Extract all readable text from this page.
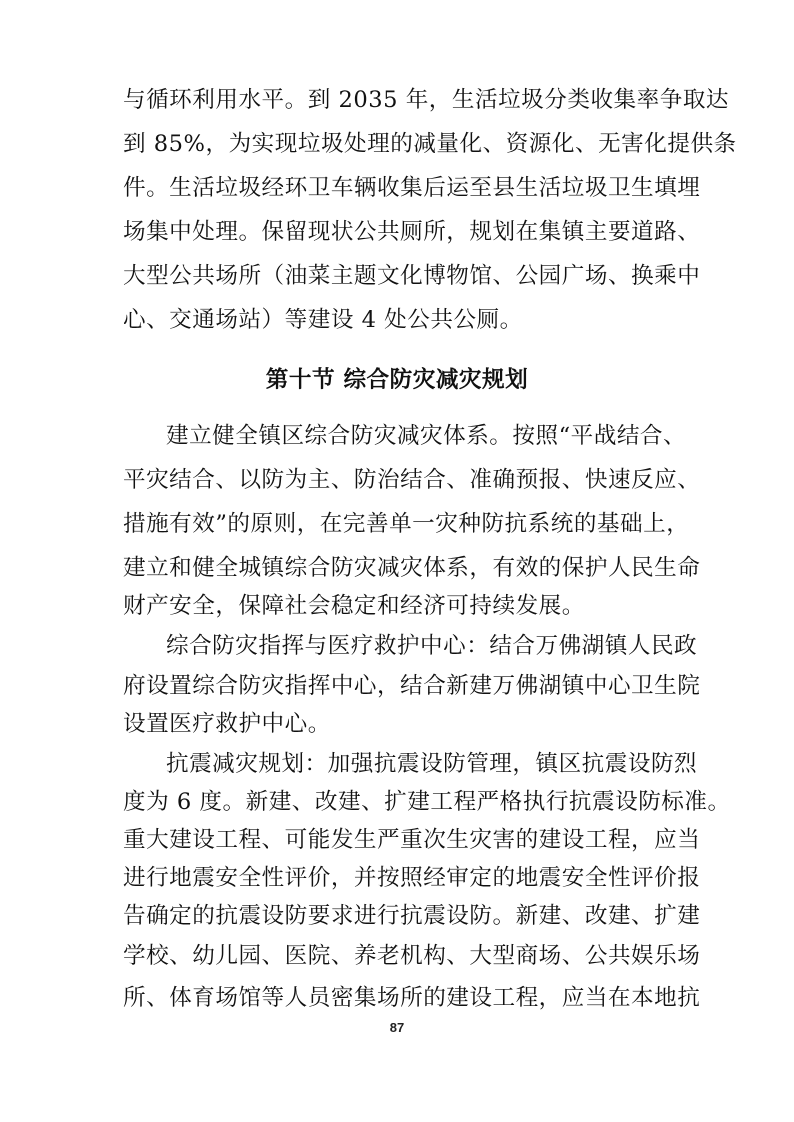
与循环利用水平。到 2035 年，生活垃圾分类收集率争取达
到 85%，为实现垃圾处理的减量化、资源化、无害化提供条
件。生活垃圾经环卫车辆收集后运至县生活垃圾卫生填埋
场集中处理。保留现状公共厕所，规划在集镇主要道路、
大型公共场所（油菜主题文化博物馆、公园广场、换乘中
心、交通场站）等建设 4 处公共公厕。
第十节 综合防灾减灾规划
建立健全镇区综合防灾减灾体系。按照“平战结合、
平灾结合、以防为主、防治结合、准确预报、快速反应、
措施有效”的原则，在完善单一灾种防抗系统的基础上，
建立和健全城镇综合防灾减灾体系，有效的保护人民生命
财产安全，保障社会稳定和经济可持续发展。
综合防灾指挥与医疗救护中心：结合万佛湖镇人民政
府设置综合防灾指挥中心，结合新建万佛湖镇中心卫生院
设置医疗救护中心。
抗震减灾规划：加强抗震设防管理，镇区抗震设防烈
度为 6 度。新建、改建、扩建工程严格执行抗震设防标准。
重大建设工程、可能发生严重次生灾害的建设工程，应当
进行地震安全性评价，并按照经审定的地震安全性评价报
告确定的抗震设防要求进行抗震设防。新建、改建、扩建
学校、幼儿园、医院、养老机构、大型商场、公共娱乐场
所、体育场馆等人员密集场所的建设工程，应当在本地抗
87
